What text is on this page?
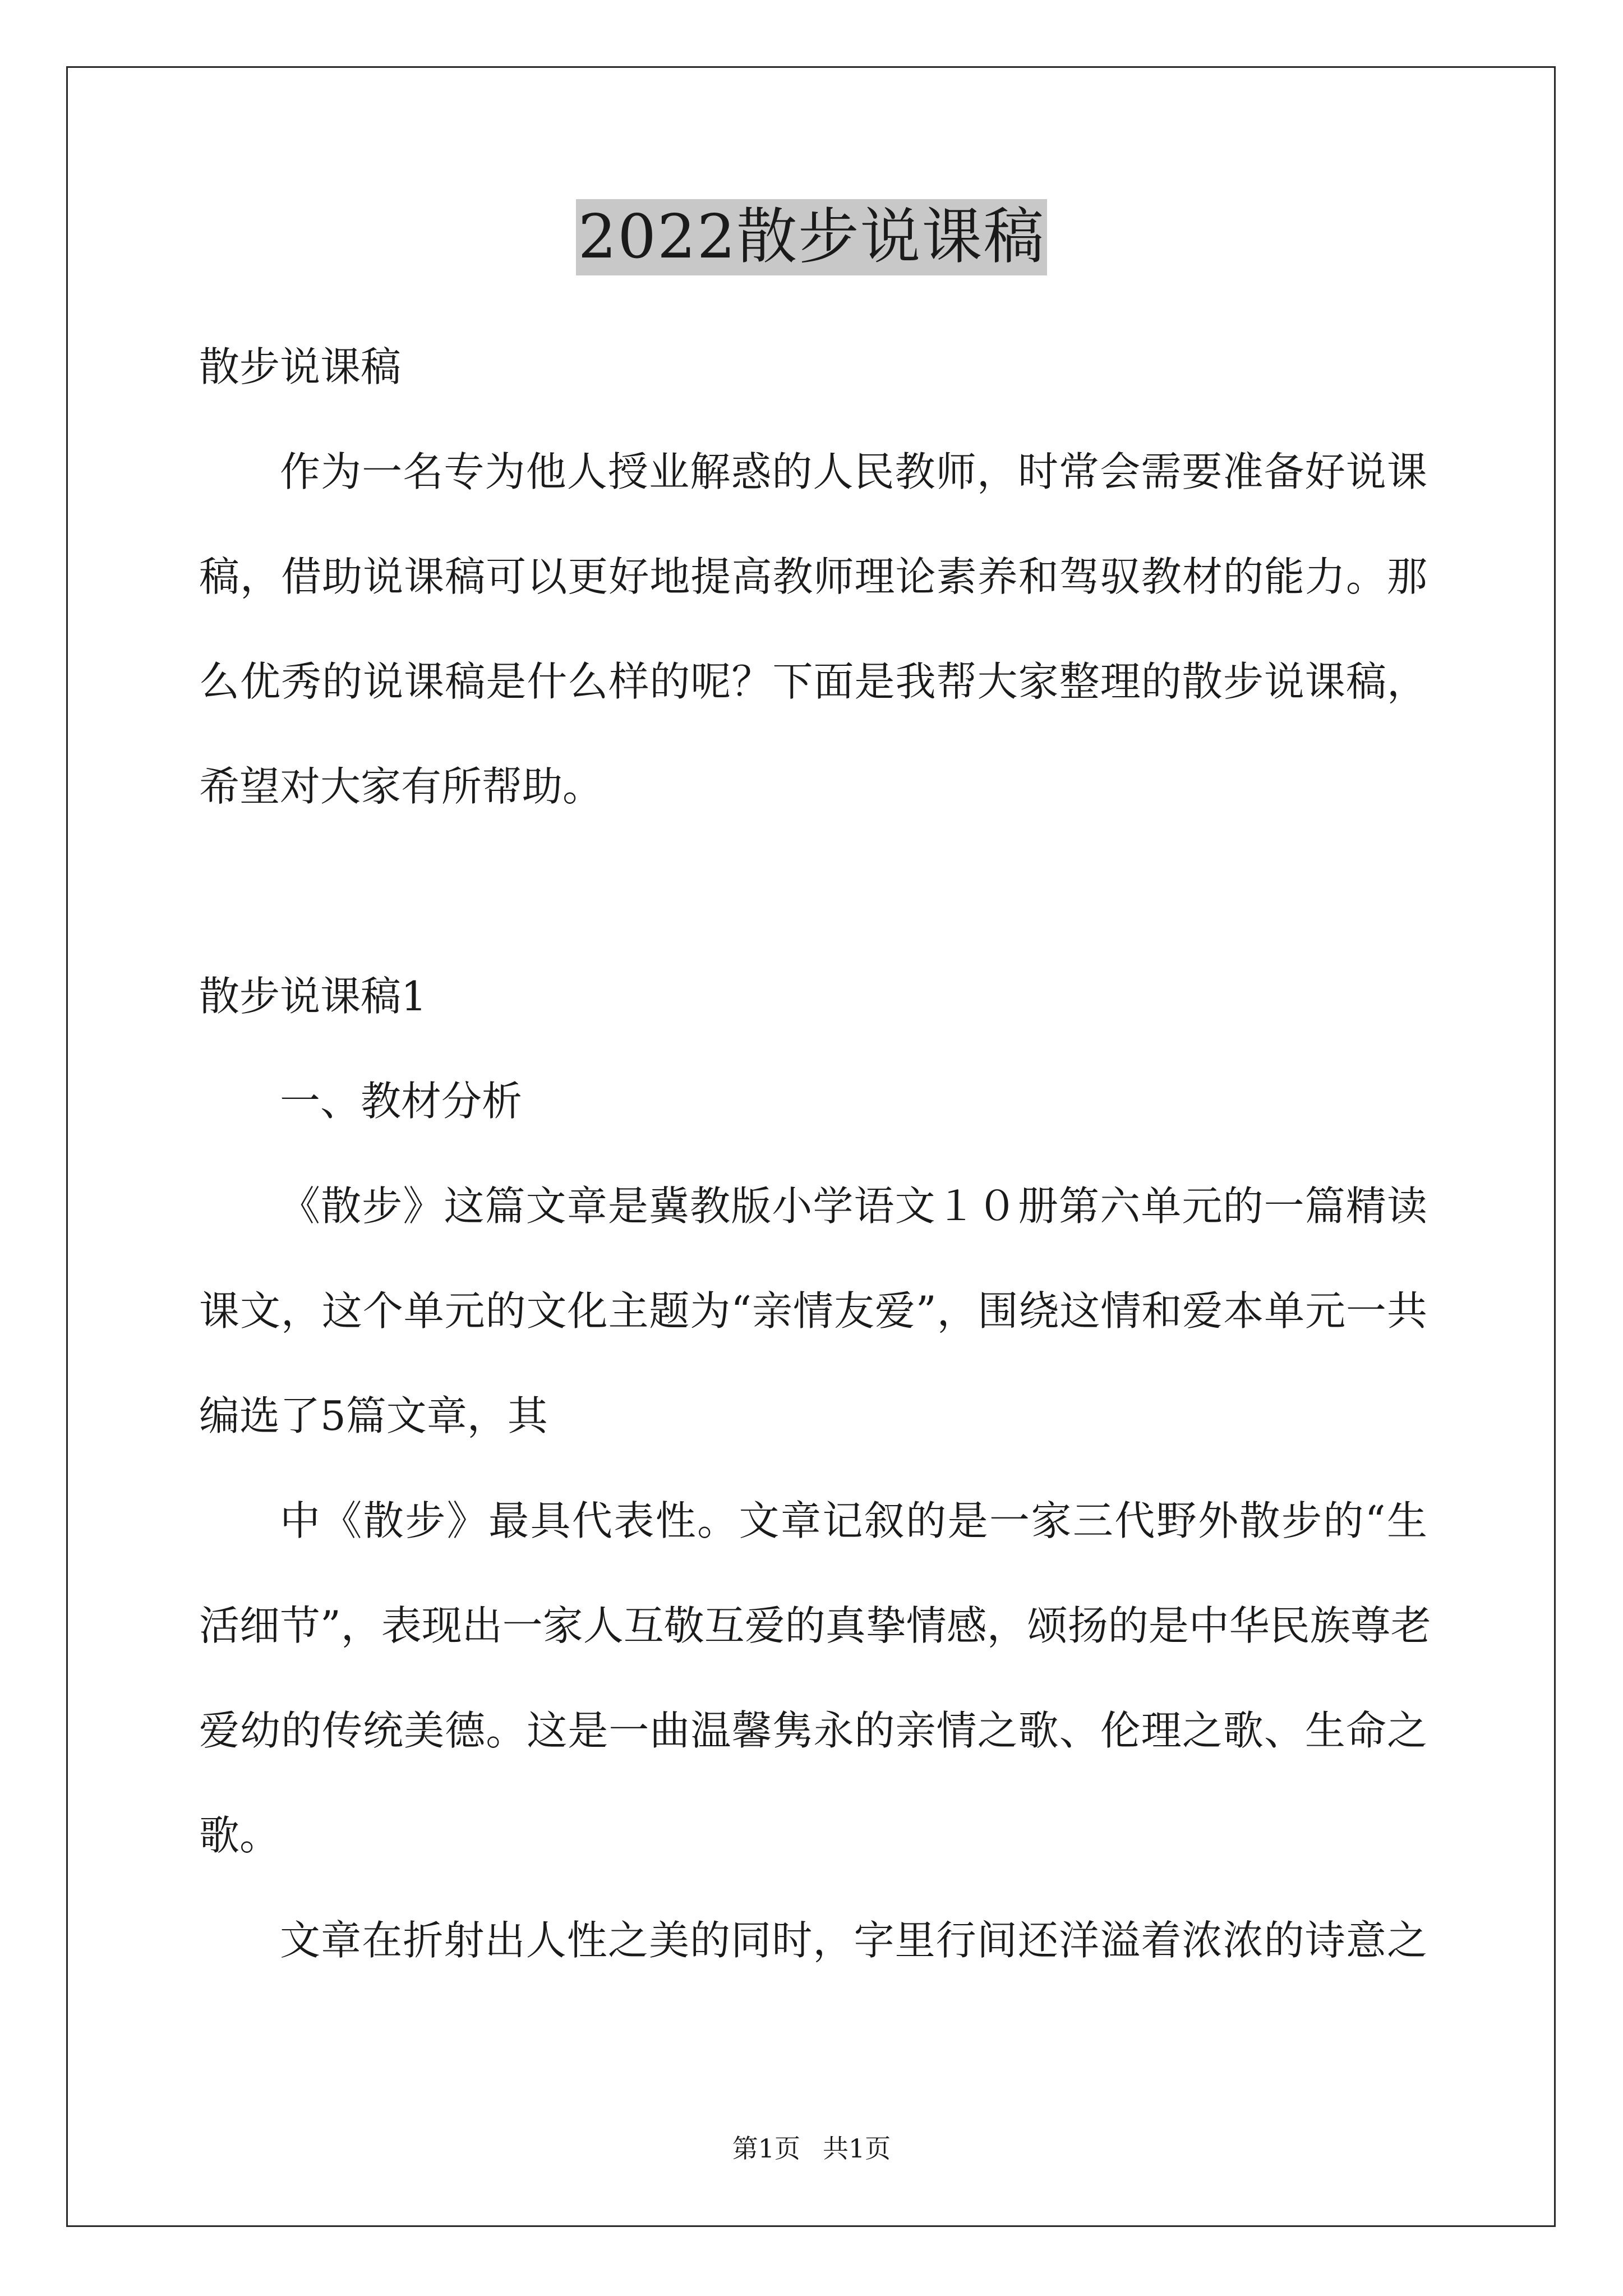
2022散步说课稿
散步说课稿
作为一名专为他人授业解惑的人民教师，时常会需要准备好说课
稿，借助说课稿可以更好地提高教师理论素养和驾驭教材的能力。那
么优秀的说课稿是什么样的呢？下面是我帮大家整理的散步说课稿，
希望对大家有所帮助。
散步说课稿1
一、教材分析
《散步》这篇文章是冀教版小学语文１０册第六单元的一篇精读
课文，这个单元的文化主题为“亲情友爱”，围绕这情和爱本单元一共
编选了5篇文章，其
中《散步》最具代表性。文章记叙的是一家三代野外散步的“生
活细节”，表现出一家人互敬互爱的真挚情感，颂扬的是中华民族尊老
爱幼的传统美德。这是一曲温馨隽永的亲情之歌、伦理之歌、生命之
歌。
文章在折射出人性之美的同时，字里行间还洋溢着浓浓的诗意之
第1页 共1页
